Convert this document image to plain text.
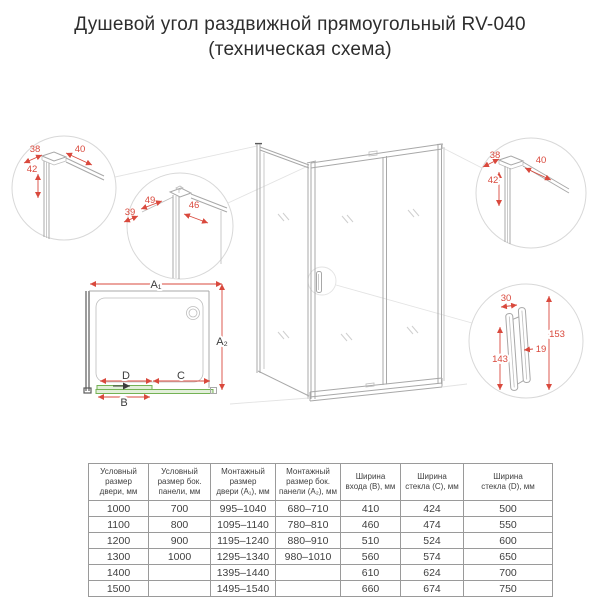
Душевой угол раздвижной прямоугольный RV-040
(техническая схема)
38	40
42
49	46
39
38	40
42
30
153
143
19
A₁
A₂
D	C
B
Условный
размер
двери, мм	Условный
размер бок.
панели, мм	Монтажный
размер
двери (A₁), мм	Монтажный
размер бок.
панели (A₂), мм	Ширина
входа (B), мм	Ширина
стекла (C), мм	Ширина
стекла (D), мм
1000	700	995–1040	680–710	410	424	500
1100	800	1095–1140	780–810	460	474	550
1200	900	1195–1240	880–910	510	524	600
1300	1000	1295–1340	980–1010	560	574	650
1400		1395–1440		610	624	700
1500		1495–1540		660	674	750
